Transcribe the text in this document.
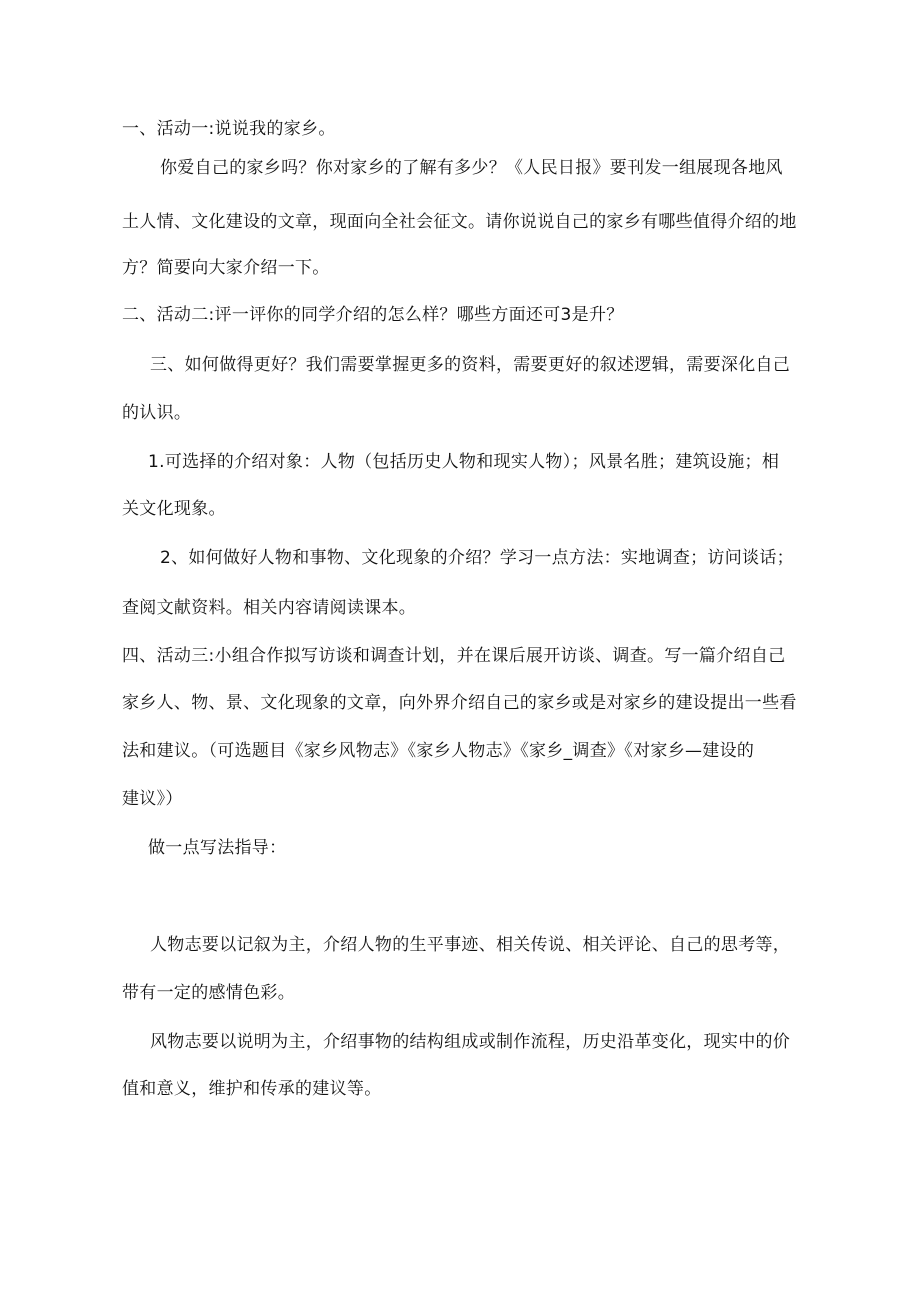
一、活动一:说说我的家乡。
你爱自己的家乡吗？你对家乡的了解有多少？《人民日报》要刊发一组展现各地风
土人情、文化建设的文章，现面向全社会征文。请你说说自己的家乡有哪些值得介绍的地
方？简要向大家介绍一下。
二、活动二:评一评你的同学介绍的怎么样？哪些方面还可3是升？
三、如何做得更好？我们需要掌握更多的资料，需要更好的叙述逻辑，需要深化自己
的认识。
1.可选择的介绍对象：人物（包括历史人物和现实人物）；风景名胜；建筑设施；相
关文化现象。
2、如何做好人物和事物、文化现象的介绍？学习一点方法：实地调查；访问谈话；
查阅文献资料。相关内容请阅读课本。
四、活动三:小组合作拟写访谈和调查计划，并在课后展开访谈、调查。写一篇介绍自己
家乡人、物、景、文化现象的文章，向外界介绍自己的家乡或是对家乡的建设提出一些看
法和建议。（可选题目《家乡风物志》《家乡人物志》《家乡_调查》《对家乡—建设的
建议》）
做一点写法指导：
人物志要以记叙为主，介绍人物的生平事迹、相关传说、相关评论、自己的思考等，
带有一定的感情色彩。
风物志要以说明为主，介绍事物的结构组成或制作流程，历史沿革变化，现实中的价
值和意义，维护和传承的建议等。
